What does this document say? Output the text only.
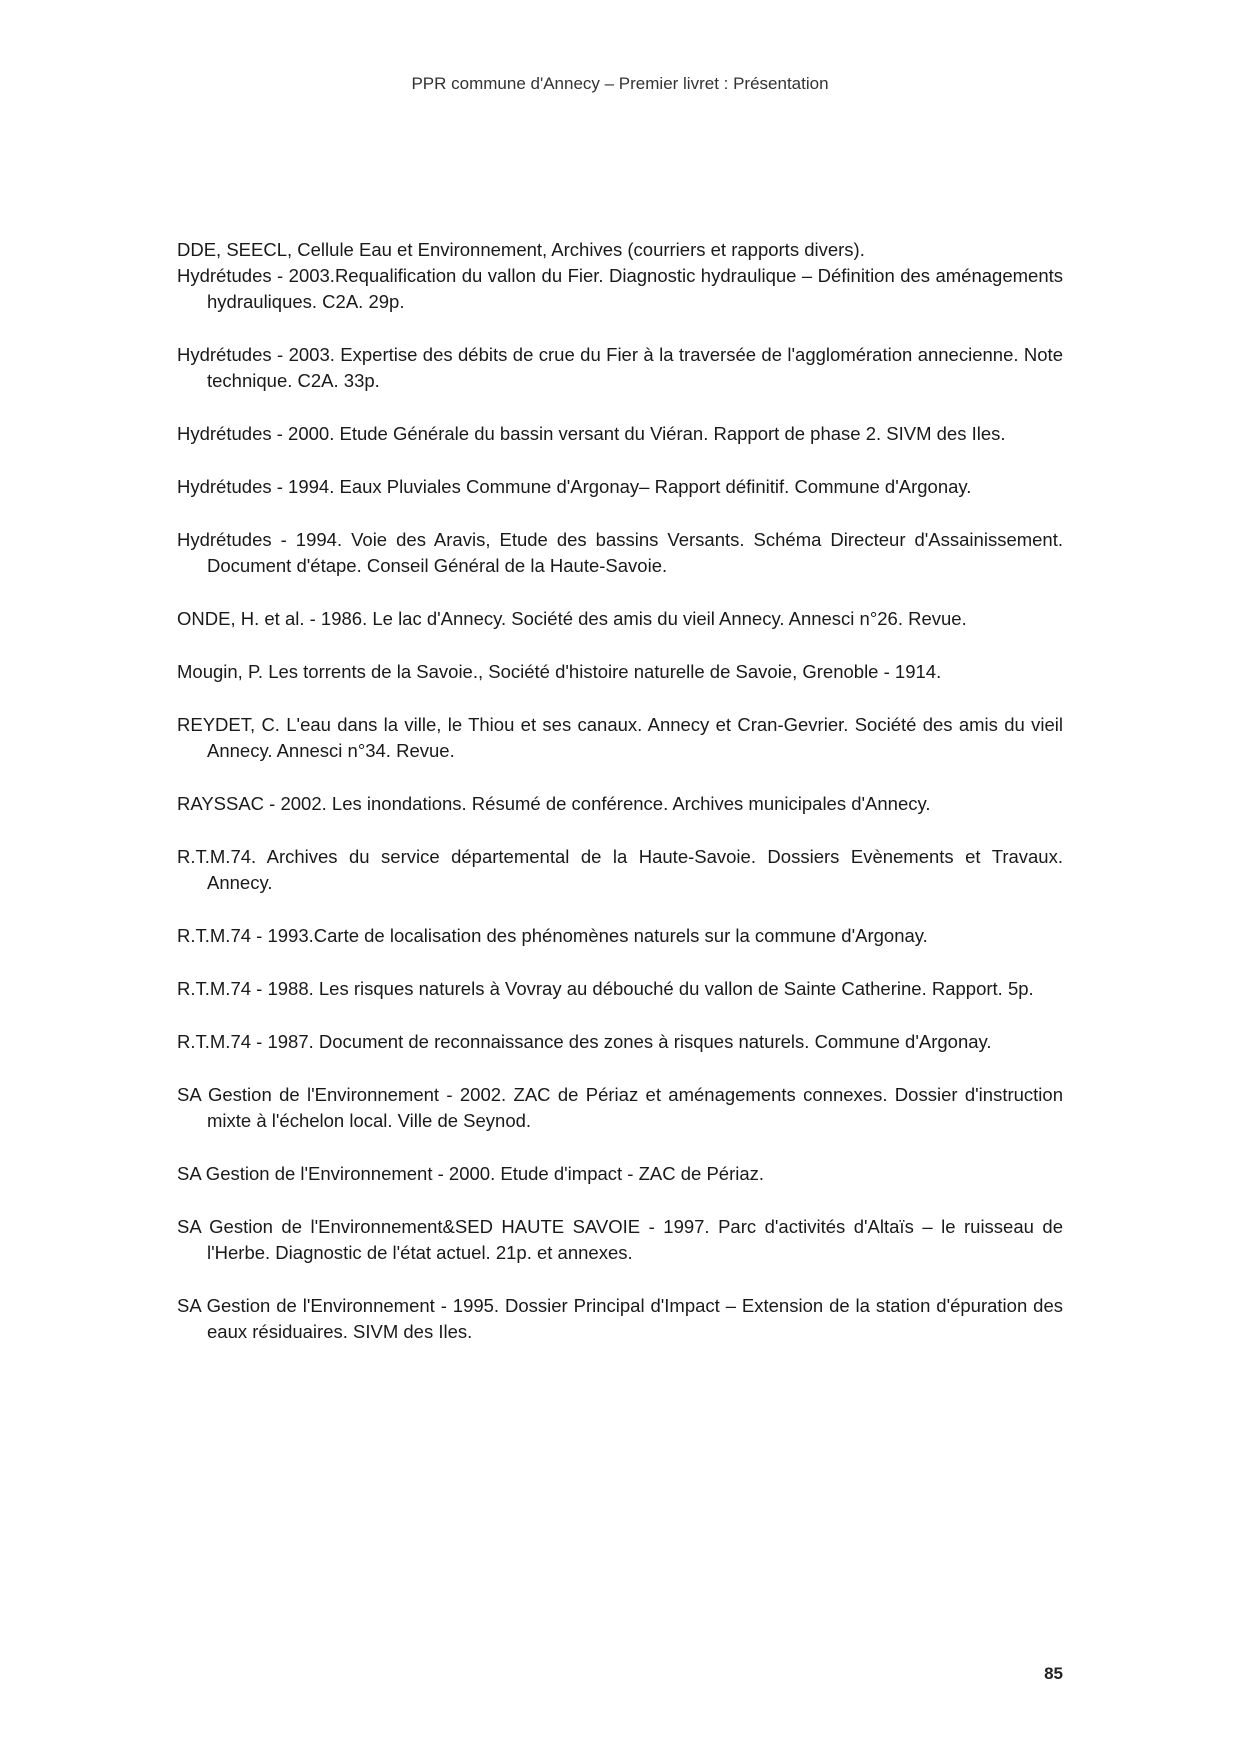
PPR commune d'Annecy – Premier livret : Présentation

DDE, SEECL, Cellule Eau et Environnement, Archives (courriers et rapports divers).

Hydrétudes - 2003.Requalification du vallon du Fier. Diagnostic hydraulique – Définition des aménagements hydrauliques. C2A. 29p.

Hydrétudes - 2003. Expertise des débits de crue du Fier à la traversée de l'agglomération annecienne. Note technique. C2A. 33p.

Hydrétudes - 2000. Etude Générale du bassin versant du Viéran. Rapport de phase 2. SIVM des Iles.

Hydrétudes - 1994. Eaux Pluviales Commune d'Argonay– Rapport définitif. Commune d'Argonay.

Hydrétudes - 1994. Voie des Aravis, Etude des bassins Versants. Schéma Directeur d'Assainissement. Document d'étape. Conseil Général de la Haute-Savoie.

ONDE, H. et al. - 1986. Le lac d'Annecy. Société des amis du vieil Annecy. Annesci n°26. Revue.

Mougin, P. Les torrents de la Savoie., Société d'histoire naturelle de Savoie, Grenoble - 1914.

REYDET, C. L'eau dans la ville, le Thiou et ses canaux. Annecy et Cran-Gevrier. Société des amis du vieil Annecy. Annesci n°34. Revue.

RAYSSAC - 2002. Les inondations. Résumé de conférence. Archives municipales d'Annecy.

R.T.M.74. Archives du service départemental de la Haute-Savoie. Dossiers Evènements et Travaux. Annecy.

R.T.M.74 - 1993.Carte de localisation des phénomènes naturels sur la commune d'Argonay.

R.T.M.74 - 1988. Les risques naturels à Vovray au débouché du vallon de Sainte Catherine. Rapport. 5p.

R.T.M.74 - 1987. Document de reconnaissance des zones à risques naturels. Commune d'Argonay.

SA Gestion de l'Environnement - 2002. ZAC de Périaz et aménagements connexes. Dossier d'instruction mixte à l'échelon local. Ville de Seynod.

SA Gestion de l'Environnement - 2000. Etude d'impact - ZAC de Périaz.

SA Gestion de l'Environnement&SED HAUTE SAVOIE - 1997. Parc d'activités d'Altaïs – le ruisseau de l'Herbe. Diagnostic de l'état actuel. 21p. et annexes.

SA Gestion de l'Environnement - 1995. Dossier Principal d'Impact – Extension de la station d'épuration des eaux résiduaires. SIVM des Iles.

85
